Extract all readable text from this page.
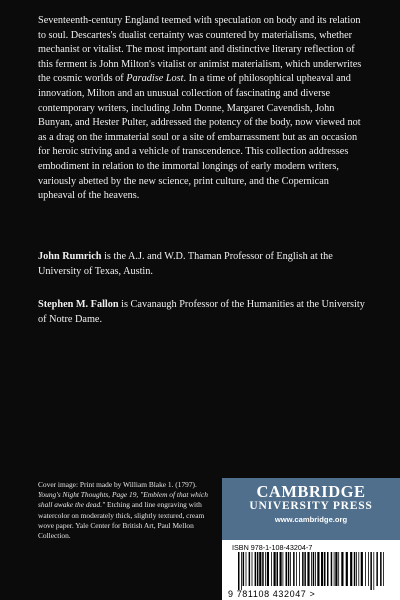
Seventeenth-century England teemed with speculation on body and its relation to soul. Descartes's dualist certainty was countered by materialisms, whether mechanist or vitalist. The most important and distinctive literary reflection of this ferment is John Milton's vitalist or animist materialism, which underwrites the cosmic worlds of Paradise Lost. In a time of philosophical upheaval and innovation, Milton and an unusual collection of fascinating and diverse contemporary writers, including John Donne, Margaret Cavendish, John Bunyan, and Hester Pulter, addressed the potency of the body, now viewed not as a drag on the immaterial soul or a site of embarrassment but as an occasion for heroic striving and a vehicle of transcendence. This collection addresses embodiment in relation to the immortal longings of early modern writers, variously abetted by the new science, print culture, and the Copernican upheaval of the heavens.

John Rumrich is the A.J. and W.D. Thaman Professor of English at the University of Texas, Austin.

Stephen M. Fallon is Cavanaugh Professor of the Humanities at the University of Notre Dame.

Cover image: Print made by William Blake 1. (1797). Young's Night Thoughts, Page 19, "Emblem of that which shall awake the dead." Etching and line engraving with watercolor on moderately thick, slightly textured, cream wove paper. Yale Center for British Art, Paul Mellon Collection.

CAMBRIDGE

UNIVERSITY PRESS

www.cambridge.org

ISBN 978-1-108-43204-7
9 781108 432047 >
